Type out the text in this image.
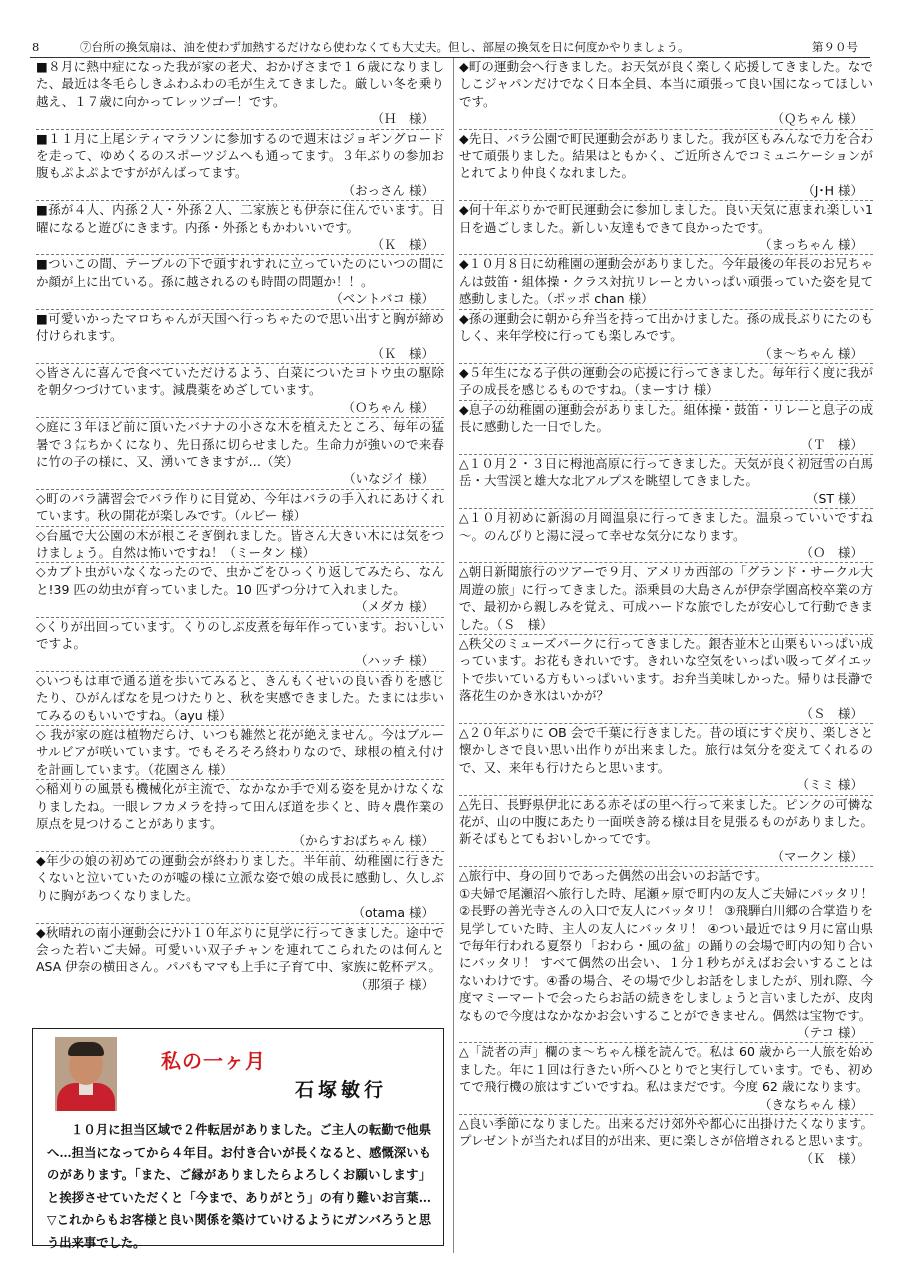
8	⑦台所の換気扇は、油を使わず加熱するだけなら使わなくても大丈夫。但し、部屋の換気を日に何度かやりましょう。	第９０号
■８月に熱中症になった我が家の老犬、おかげさまで１６歳になりました、最近は冬毛らしきふわふわの毛が生えてきました。厳しい冬を乗り越え、１７歳に向かってレッツゴー！です。
（Ｈ　様）
■１１月に上尾シティマラソンに参加するので週末はジョギングロードを走って、ゆめくるのスポーツジムへも通ってます。３年ぶりの参加お腹もぷよぷよですががんばってます。
（おっさん 様）
■孫が４人、内孫２人・外孫２人、二家族とも伊奈に住んでいます。日曜になると遊びにきます。内孫・外孫ともかわいいです。
（Ｋ　様）
■ついこの間、テーブルの下で頭すれすれに立っていたのにいつの間にか顔が上に出ている。孫に越されるのも時間の問題か！！。
（ベントバコ 様）
■可愛いかったマロちゃんが天国へ行っちゃたので思い出すと胸が締め付けられます。
（Ｋ　様）
◇皆さんに喜んで食べていただけるよう、白菜についたヨトウ虫の駆除を朝夕つづけています。減農薬をめざしています。
（Ｏちゃん 様）
◇庭に３年ほど前に頂いたバナナの小さな木を植えたところ、毎年の猛暑で３㍍ちかくになり、先日孫に切らせました。生命力が強いので来春に竹の子の様に、又、湧いてきますが…（笑）
（いなジイ 様）
◇町のバラ講習会でバラ作りに目覚め、今年はバラの手入れにあけくれています。秋の開花が楽しみです。（ルビー 様）
◇台風で大公園の木が根こそぎ倒れました。皆さん大きい木には気をつけましょう。自然は怖いですね！（ミータン 様）
◇カブト虫がいなくなったので、虫かごをひっくり返してみたら、なんと!39 匹の幼虫が育っていました。10 匹ずつ分けて入れました。
（メダカ 様）
◇くりが出回っています。くりのしぶ皮煮を毎年作っています。おいしいですよ。
（ハッチ 様）
◇いつもは車で通る道を歩いてみると、きんもくせいの良い香りを感じたり、ひがんばなを見つけたりと、秋を実感できました。たまには歩いてみるのもいいですね。（ayu 様）
◇ 我が家の庭は植物だらけ、いつも雑然と花が絶えません。今はブルーサルビアが咲いています。でもそろそろ終わりなので、球根の植え付けを計画しています。（花園さん 様）
◇稲刈りの風景も機械化が主流で、なかなか手で刈る姿を見かけなくなりましたね。一眼レフカメラを持って田んぼ道を歩くと、時々農作業の原点を見つけることがあります。
（からすおばちゃん 様）
◆年少の娘の初めての運動会が終わりました。半年前、幼稚園に行きたくないと泣いていたのが嘘の様に立派な姿で娘の成長に感動し、久しぶりに胸があつくなりました。
（otama 様）
◆秋晴れの南小運動会にﾅﾝﾄ１０年ぶりに見学に行ってきました。途中で会った若いご夫婦。可愛いい双子チャンを連れてこられたのは何んと ASA 伊奈の横田さん。パパもママも上手に子育て中、家族に乾杯デス。
（那須子 様）
◆町の運動会へ行きました。お天気が良く楽しく応援してきました。なでしこジャパンだけでなく日本全員、本当に頑張って良い国になってほしいです。
（Ｑちゃん 様）
◆先日、バラ公園で町民運動会がありました。我が区もみんなで力を合わせて頑張りました。結果はともかく、ご近所さんでコミュニケーションがとれてより仲良くなれました。
（J･H 様）
◆何十年ぶりかで町民運動会に参加しました。良い天気に恵まれ楽しい1日を過ごしました。新しい友達もできて良かったです。
（まっちゃん 様）
◆１０月８日に幼稚園の運動会がありました。今年最後の年長のお兄ちゃんは鼓笛・組体操・クラス対抗リレーとカいっぱい頑張っていた姿を見て感動しました。（ポッポ chan 様）
◆孫の運動会に朝から弁当を持って出かけました。孫の成長ぶりにたのもしく、来年学校に行っても楽しみです。
（ま～ちゃん 様）
◆５年生になる子供の運動会の応援に行ってきました。毎年行く度に我が子の成長を感じるものですね。（まーすけ 様）
◆息子の幼稚園の運動会がありました。組体操・鼓笛・リレーと息子の成長に感動した一日でした。
（Ｔ　様）
△１０月２・３日に栂池高原に行ってきました。天気が良く初冠雪の白馬岳・大雪渓と雄大な北アルプスを眺望してきました。
（ST 様）
△１０月初めに新潟の月岡温泉に行ってきました。温泉っていいですね～。のんびりと湯に浸って幸せな気分になります。
（Ｏ　様）
△朝日新聞旅行のツアーで９月、アメリカ西部の「グランド・サークル大周遊の旅」に行ってきました。添乗員の大島さんが伊奈学園高校卒業の方で、最初から親しみを覚え、可成ハードな旅でしたが安心して行動できました。（Ｓ　様）
△秩父のミューズパークに行ってきました。銀杏並木と山栗もいっぱい成っています。お花もきれいです。きれいな空気をいっぱい吸ってダイエットで歩いている方もいっぱいいます。お弁当美味しかった。帰りは長瀞で落花生のかき氷はいかが？
（Ｓ　様）
△２０年ぶりに OB 会で千葉に行きました。昔の頃にすぐ戻り、楽しさと懐かしさで良い思い出作りが出来ました。旅行は気分を変えてくれるので、又、来年も行けたらと思います。
（ミミ 様）
△先日、長野県伊北にある赤そばの里へ行って来ました。ピンクの可憐な花が、山の中腹にあたり一面咲き誇る様は目を見張るものがありました。新そばもとてもおいしかってです。
（マークン 様）
△旅行中、身の回りであった偶然の出会いのお話です。
①夫婦で尾瀬沼へ旅行した時、尾瀬ヶ原で町内の友人ご夫婦にバッタリ！ ②長野の善光寺さんの入口で友人にバッタリ！ ③飛騨白川郷の合掌造りを見学していた時、主人の友人にバッタリ！ ④つい最近では９月に富山県で毎年行われる夏祭り「おわら・風の盆」の踊りの会場で町内の知り合いにバッタリ！ すべて偶然の出会い、１分１秒ちがえばお会いすることはないわけです。④番の場合、その場で少しお話をしましたが、別れ際、今度マミーマートで会ったらお話の続きをしましょうと言いましたが、皮肉なもので今度はなかなかお会いすることができません。偶然は宝物です。
（テコ 様）
△「読者の声」欄のま～ちゃん様を読んで。私は 60 歳から一人旅を始めました。年に１回は行きたい所へひとりでと実行しています。でも、初めてで飛行機の旅はすごいですね。私はまだです。今度 62 歳になります。
（きなちゃん 様）
△良い季節になりました。出来るだけ郊外や都心に出掛けたくなります。プレゼントが当たれば目的が出来、更に楽しさが倍増されると思います。
（Ｋ　様）
私の一ヶ月
石塚敏行
１０月に担当区域で２件転居がありました。ご主人の転勤で他県へ…担当になってから４年目。お付き合いが長くなると、感慨深いものがあります。「また、ご縁がありましたらよろしくお願いします」と挨拶させていただくと「今まで、ありがとう」の有り難いお言葉…▽これからもお客様と良い関係を築けていけるようにガンバろうと思う出来事でした。
